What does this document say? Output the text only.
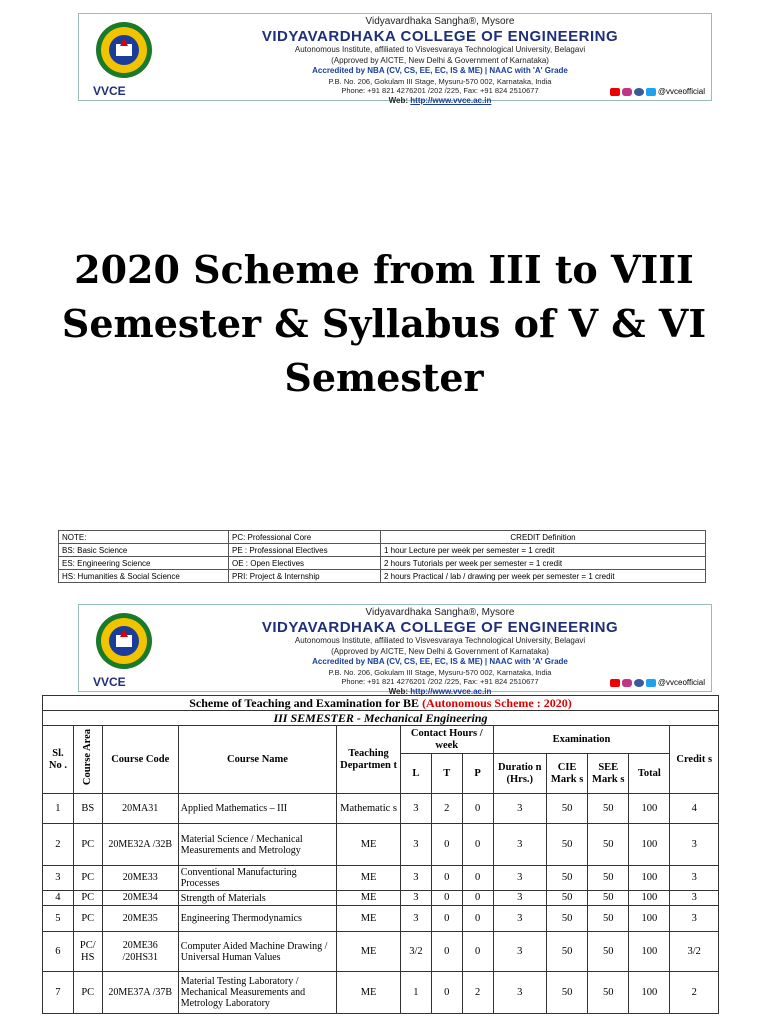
Vidyavardhaka Sangha®, Mysore
VIDYAVARDHAKA COLLEGE OF ENGINEERING
Autonomous Institute, affiliated to Visvesvaraya Technological University, Belagavi
(Approved by AICTE, New Delhi & Government of Karnataka)
Accredited by NBA (CV, CS, EE, EC, IS & ME) | NAAC with 'A' Grade
P.B. No. 206, Gokulam III Stage, Mysuru-570 002, Karnataka, India
Phone: +91 821 4276201 /202 /225, Fax: +91 824 2510677
Web: http://www.vvce.ac.in
VVCE	@vvceofficial
2020 Scheme from III to VIII
Semester & Syllabus of V & VI
Semester
NOTE:	PC: Professional Core	CREDIT Definition
BS: Basic Science	PE : Professional Electives	1 hour Lecture per week per semester = 1 credit
ES: Engineering Science	OE : Open Electives	2 hours Tutorials per week per semester = 1 credit
HS: Humanities & Social Science	PRI: Project & Internship	2 hours Practical / lab / drawing per week per semester = 1 credit
Vidyavardhaka Sangha®, Mysore
VIDYAVARDHAKA COLLEGE OF ENGINEERING
Autonomous Institute, affiliated to Visvesvaraya Technological University, Belagavi
(Approved by AICTE, New Delhi & Government of Karnataka)
Accredited by NBA (CV, CS, EE, EC, IS & ME) | NAAC with 'A' Grade
P.B. No. 206, Gokulam III Stage, Mysuru-570 002, Karnataka, India
Phone: +91 821 4276201 /202 /225, Fax: +91 824 2510677
Web: http://www.vvce.ac.in
VVCE	@vvceofficial
Scheme of Teaching and Examination for BE (Autonomous Scheme : 2020)												
III SEMESTER - Mechanical Engineering												
Sl. No .	Course Area	Course Code	Course Name	Teaching Departmen t	Contact Hours / week			Examination				Credit s
					L	T	P	Duratio n (Hrs.)	CIE Mark s	SEE Mark s	Total	
1	BS	20MA31	Applied Mathematics – III	Mathematic s	3	2	0	3	50	50	100	4
2	PC	20ME32A /32B	Material Science / Mechanical Measurements and Metrology	ME	3	0	0	3	50	50	100	3
3	PC	20ME33	Conventional Manufacturing Processes	ME	3	0	0	3	50	50	100	3
4	PC	20ME34	Strength of Materials	ME	3	0	0	3	50	50	100	3
5	PC	20ME35	Engineering Thermodynamics	ME	3	0	0	3	50	50	100	3
6	PC/ HS	20ME36 /20HS31	Computer Aided Machine Drawing / Universal Human Values	ME	3/2	0	0	3	50	50	100	3/2
7	PC	20ME37A /37B	Material Testing Laboratory / Mechanical Measurements and Metrology Laboratory	ME	1	0	2	3	50	50	100	2
